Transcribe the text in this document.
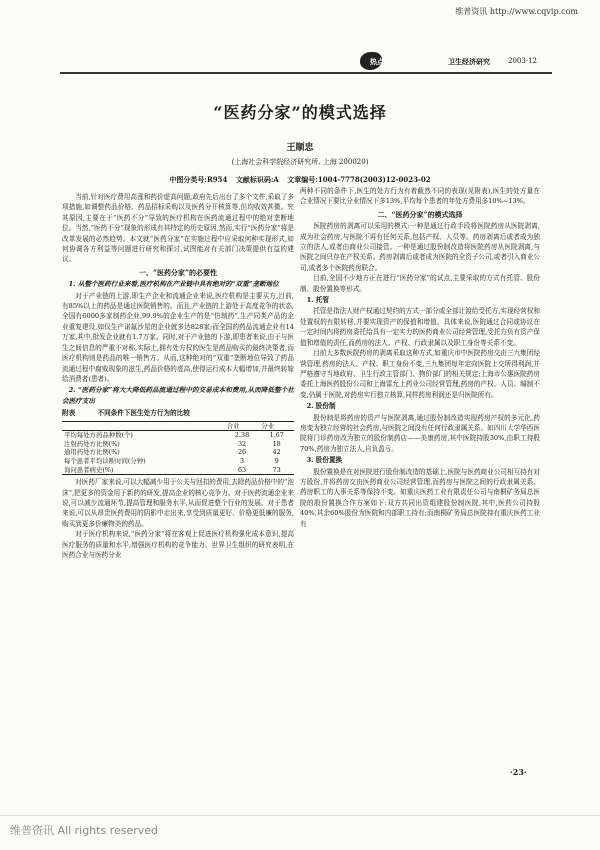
维普资讯 http://www.cqvip.com
热点	卫生经济研究	2003·12
“医药分家”的模式选择
王顺忠
(上海社会科学院经济研究所, 上海 200020)
中图分类号:R954 文献标识码:A 文章编号:1004-7778(2003)12-0023-02

当前,针对医疗费用高涨和药价虚高问题,政府先后出台了多个文件,采取了多项措施,如调整药品价格、药品招标采购以及医药分开核算等,但均收效甚微。究其原因,主要在于“医药不分”导致的医疗机构在医药流通过程中的绝对垄断地位。当然,“医药不分”现象的形成有其特定的历史原因,然而,实行“医药分家”将是改革发展的必然趋势。本文就“医药分家”在实施过程中应采取何种实现形式,如何协调各方利益等问题进行研究和探讨,试图能对有关部门决策提供有益的建议。

一、“医药分家”的必要性
1. 从整个医药行业来看,医疗机构在产业链中具有绝对的“双重”垄断地位

对于产业链的上游,即生产企业和流通企业来说,医疗机构是主要买方,目前,有85%以上的药品是通过医院销售的。而且,产业链的上游处于高度竞争的状态,全国有6000多家制药企业,99.9%的企业生产的是“仿制药”,生产同类产品的企业重复建设,如仅生产诺氟沙星的企业就多达828家;而全国的药品流通企业有14万家,其中,批发企业就有1.7万家。同时,对于产业链的下游,即患者来说,由于与医生之间信息的严重不对称,实际上,拥有处方权的医生是药品购买的最终决策者,而医疗机构则是药品的唯一销售方。从而,这种绝对的“双重”垄断地位导致了药品流通过程中腐败现象的滋生,药品价格的虚高,使得运行成本大幅增加,并最终转嫁给消费者(患者)。

2. “医药分家”将大大降低药品流通过程中的交易成本和费用,从而降低整个社会医疗支出
附表	不同条件下医生处方行为的比较
	合业	分业
平均每处方药品种数(个)	2.38	1.67
注射药处方比例(%)	32	18
通用药处方比例(%)	26	42
每个患者平均诊断时间(分钟)	3	9
询问患者病史(%)	63	73

对医药厂家来说,可以大幅减少用于公关与回扣的费用,去除药品价格中的“泡沫”,把更多的资金用于新药的研发,提高企业的核心竞争力。对于医药流通企业来说,可以减少流通环节,提高管理和服务水平,从而促进整个行业的发展。对于患者来说,可以从昂贵医药费用的阴影中走出来,享受到质量更好、价格更低廉的服务,购买到更多价廉物美的药品。

对于医疗机构来说,“医药分家”将在客观上促进医疗机构强化成本意识,提高医疗服务的质量和水平,增强医疗机构的竞争能力。世界卫生组织的研究表明,在医药合业与医药分业

两种不同的条件下,医生的处方行为有着截然不同的表现(见附表),医生的处方量在合业情况下要比分业情况下多13%,平均每个患者的年处方费用多10%~13%。

二、“医药分家”的模式选择

医院药房的剥离可以采用的模式:一种是通过行政手段将医院药房从医院剥离,成为社会药房,与医院不再有任何关系,包括产权、人员等。药房剥离后或者成为独立的法人,或者由商业公司接管。一种是通过股份制改造将医院药房从医院剥离,与医院之间只存在产权关系。药房剥离后或者成为医院的全资子公司,或者引入商业公司,或者多个医院药房联合。

目前,全国不少地方正在进行“医药分家”的试点,主要采取的方式有托管、股份制、股份置换等形式。

1. 托管

托管是指法人财产权通过契约的方式一部分或全部让渡给受托方,实现经营权和处置权的有限转移,并要实现资产的保值和增值。具体来说,医院通过合同或协议在一定时间内将药房委托给具有一定实力的医药商业公司经营管理,受托方负有资产保值和增值的责任,而药房的法人、产权、行政隶属以及职工身份等关系不变。

目前大多数医院药房的剥离采取这种方式,如重庆市中医院药房交由三九集团经营管理,药房的法人、产权、职工身份不变,三九集团每年定向医院上交所得利润,并严格遵守当地政府、卫生行政主管部门、物价部门的相关规定;上海市公惠医院药房委托上海医药股份公司和上海雷允上药业公司经营管理,药房的产权、人员、编制不变,仍属于医院,对药房实行独立核算,同样药房利润还是归医院所有。

2. 股份制

股份制是将药房的资产与医院剥离,通过股份制改造实现药房产权的多元化,药房变为独立经营的社会药房,与医院之间没有任何行政隶属关系。如四川大学华西医院将门诊药房改为独立的股份制药店——美康药房,其中医院持股30%,由职工持股70%,药房为独立法人,自负盈亏。

3. 股份置换

股份置换是在对医院进行股份制改造的基础上,医院与医药商业公司相互持有对方股份,并将药房交由医药商业公司经营管理,而药房与医院之间的行政隶属关系、药房职工的人事关系等保持不变。如重庆医药工业有限责任公司与南桐矿务局总医院的股份置换合作方案如下:双方共同出资组建股份制医院,其中,医药公司持股40%,其余60%股份为医院和内部职工持有;而南桐矿务局总医院持有重庆医药工业有

·23·
维普资讯 All rights reserved
